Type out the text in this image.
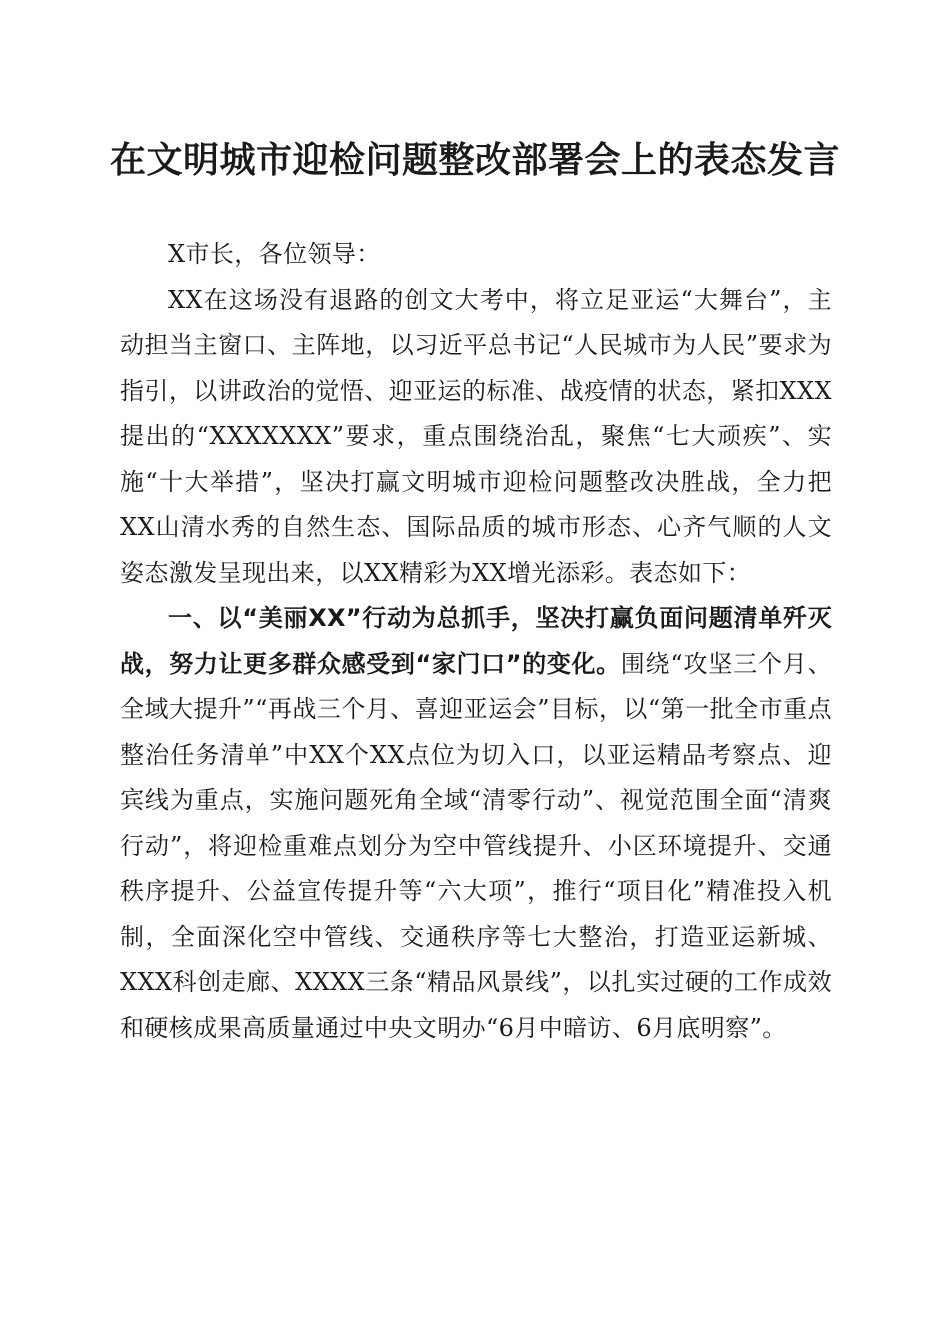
在文明城市迎检问题整改部署会上的表态发言

X市长，各位领导：

XX在这场没有退路的创文大考中，将立足亚运“大舞台”，主动担当主窗口、主阵地，以习近平总书记“人民城市为人民”要求为指引，以讲政治的觉悟、迎亚运的标准、战疫情的状态，紧扣XXX提出的“XXXXXXX”要求，重点围绕治乱，聚焦“七大顽疾”、实施“十大举措”，坚决打赢文明城市迎检问题整改决胜战，全力把XX山清水秀的自然生态、国际品质的城市形态、心齐气顺的人文姿态激发呈现出来，以XX精彩为XX增光添彩。表态如下：

一、以“美丽XX”行动为总抓手，坚决打赢负面问题清单歼灭战，努力让更多群众感受到“家门口”的变化。围绕“攻坚三个月、全域大提升”“再战三个月、喜迎亚运会”目标，以“第一批全市重点整治任务清单”中XX个XX点位为切入口，以亚运精品考察点、迎宾线为重点，实施问题死角全域“清零行动”、视觉范围全面“清爽行动”，将迎检重难点划分为空中管线提升、小区环境提升、交通秩序提升、公益宣传提升等“六大项”，推行“项目化”精准投入机制，全面深化空中管线、交通秩序等七大整治，打造亚运新城、XXX科创走廊、XXXX三条“精品风景线”，以扎实过硬的工作成效和硬核成果高质量通过中央文明办“6月中暗访、6月底明察”。
